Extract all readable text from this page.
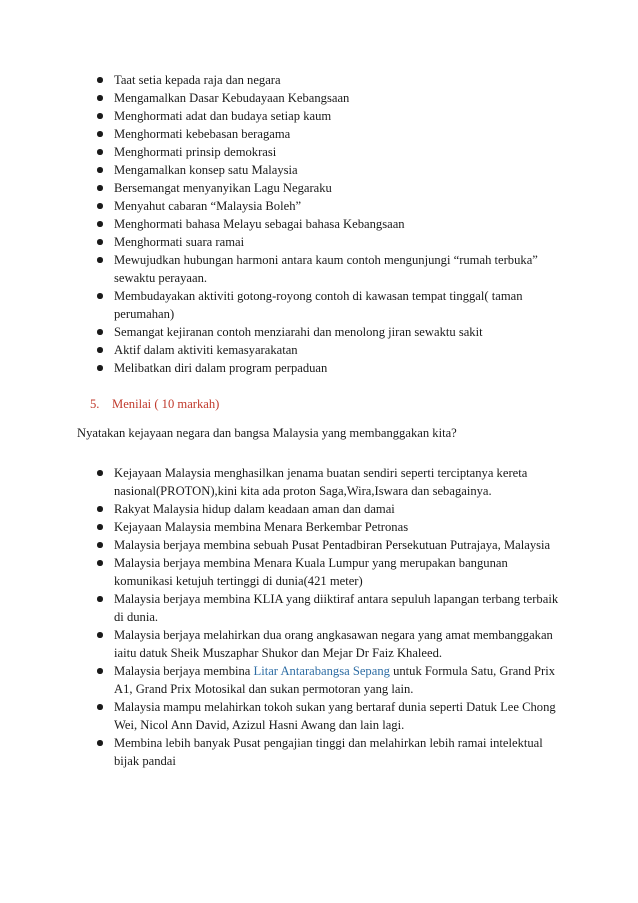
Taat setia kepada raja dan negara
Mengamalkan Dasar Kebudayaan Kebangsaan
Menghormati adat dan budaya setiap kaum
Menghormati kebebasan beragama
Menghormati prinsip demokrasi
Mengamalkan konsep satu Malaysia
Bersemangat menyanyikan Lagu Negaraku
Menyahut cabaran “Malaysia Boleh”
Menghormati bahasa Melayu sebagai bahasa Kebangsaan
Menghormati suara ramai
Mewujudkan hubungan harmoni antara kaum contoh mengunjungi “rumah terbuka” sewaktu perayaan.
Membudayakan aktiviti gotong-royong contoh di kawasan tempat tinggal( taman perumahan)
Semangat kejiranan contoh menziarahi dan menolong jiran sewaktu sakit
Aktif dalam aktiviti kemasyarakatan
Melibatkan diri dalam program perpaduan
5. Menilai ( 10 markah)
Nyatakan kejayaan negara dan bangsa Malaysia yang membanggakan kita?
Kejayaan Malaysia menghasilkan jenama buatan sendiri seperti terciptanya kereta nasional(PROTON),kini kita ada proton Saga,Wira,Iswara dan sebagainya.
Rakyat Malaysia hidup dalam keadaan aman dan damai
Kejayaan Malaysia membina Menara Berkembar Petronas
Malaysia berjaya membina sebuah Pusat Pentadbiran Persekutuan Putrajaya, Malaysia
Malaysia berjaya membina Menara Kuala Lumpur yang merupakan bangunan komunikasi ketujuh tertinggi di dunia(421 meter)
Malaysia berjaya membina KLIA yang diiktiraf antara sepuluh lapangan terbang terbaik di dunia.
Malaysia berjaya melahirkan dua orang angkasawan negara yang amat membanggakan iaitu datuk Sheik Muszaphar Shukor dan Mejar Dr Faiz Khaleed.
Malaysia berjaya membina Litar Antarabangsa Sepang untuk Formula Satu, Grand Prix A1, Grand Prix Motosikal dan sukan permotoran yang lain.
Malaysia mampu melahirkan tokoh sukan yang bertaraf dunia seperti Datuk Lee Chong Wei, Nicol Ann David, Azizul Hasni Awang dan lain lagi.
Membina lebih banyak Pusat pengajian tinggi dan melahirkan lebih ramai intelektual bijak pandai
